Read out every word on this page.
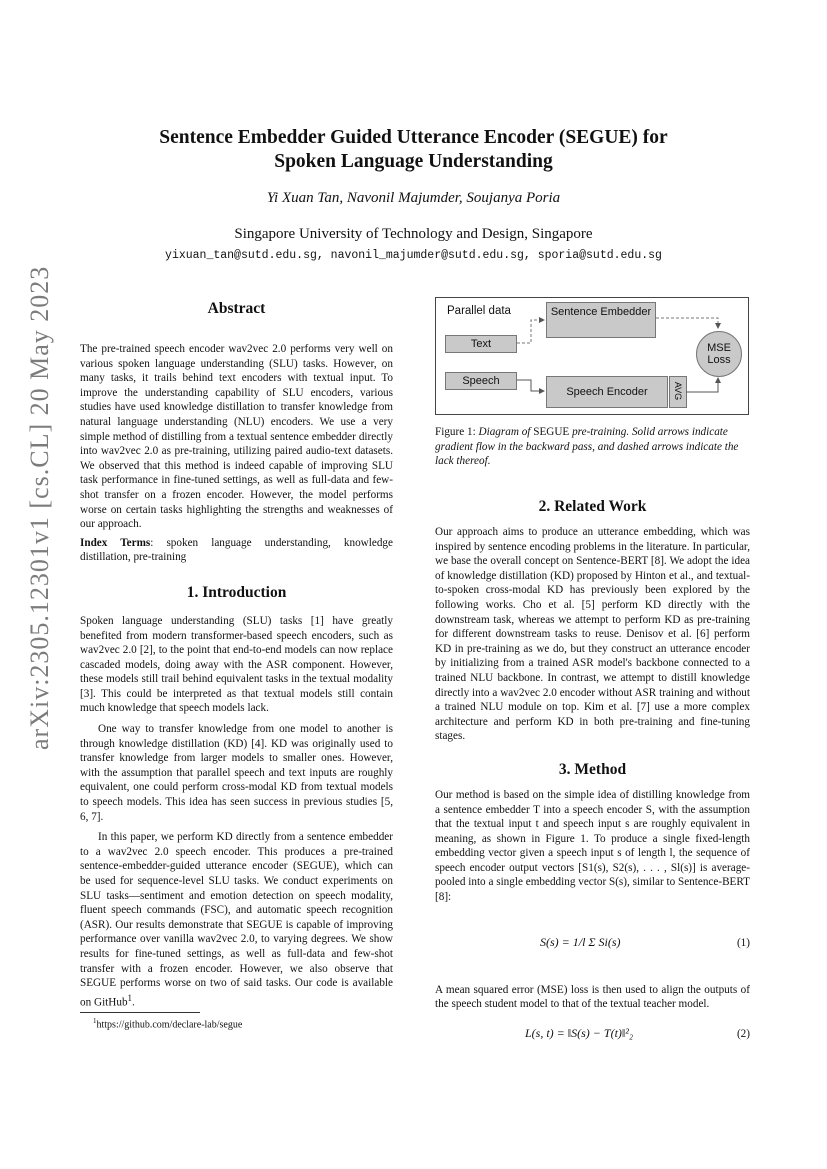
arXiv:2305.12301v1 [cs.CL] 20 May 2023
Sentence Embedder Guided Utterance Encoder (SEGUE) for
Spoken Language Understanding
Yi Xuan Tan, Navonil Majumder, Soujanya Poria
Singapore University of Technology and Design, Singapore
yixuan_tan@sutd.edu.sg, navonil_majumder@sutd.edu.sg, sporia@sutd.edu.sg
Abstract

The pre-trained speech encoder wav2vec 2.0 performs very well on various spoken language understanding (SLU) tasks. However, on many tasks, it trails behind text encoders with textual input. To improve the understanding capability of SLU encoders, various studies have used knowledge distillation to transfer knowledge from natural language understanding (NLU) encoders. We use a very simple method of distilling from a textual sentence embedder directly into wav2vec 2.0 as pre-training, utilizing paired audio-text datasets. We observed that this method is indeed capable of improving SLU task performance in fine-tuned settings, as well as full-data and few-shot transfer on a frozen encoder. However, the model performs worse on certain tasks highlighting the strengths and weaknesses of our approach.

Index Terms: spoken language understanding, knowledge distillation, pre-training

1. Introduction

Spoken language understanding (SLU) tasks [1] have greatly benefited from modern transformer-based speech encoders, such as wav2vec 2.0 [2], to the point that end-to-end models can now replace cascaded models, doing away with the ASR component. However, these models still trail behind equivalent tasks in the textual modality [3]. This could be interpreted as that textual models still contain much knowledge that speech models lack.

One way to transfer knowledge from one model to another is through knowledge distillation (KD) [4]. KD was originally used to transfer knowledge from larger models to smaller ones. However, with the assumption that parallel speech and text inputs are roughly equivalent, one could perform cross-modal KD from textual models to speech models. This idea has seen success in previous studies [5, 6, 7].

In this paper, we perform KD directly from a sentence embedder to a wav2vec 2.0 speech encoder. This produces a pre-trained sentence-embedder-guided utterance encoder (SEGUE), which can be used for sequence-level SLU tasks. We conduct experiments on SLU tasks—sentiment and emotion detection on speech modality, fluent speech commands (FSC), and automatic speech recognition (ASR). Our results demonstrate that SEGUE is capable of improving performance over vanilla wav2vec 2.0, to varying degrees. We show results for fine-tuned settings, as well as full-data and few-shot transfer with a frozen encoder. However, we also observe that SEGUE performs worse on two of said tasks. Our code is available on GitHub$^1$.

$^1$https://github.com/declare-lab/segue
Parallel data
Text
Speech
Sentence Embedder
Speech Encoder	AVG
MSE Loss
Figure 1: Diagram of SEGUE pre-training. Solid arrows indicate gradient flow in the backward pass, and dashed arrows indicate the lack thereof.
2. Related Work

Our approach aims to produce an utterance embedding, which was inspired by sentence encoding problems in the literature. In particular, we base the overall concept on Sentence-BERT [8]. We adopt the idea of knowledge distillation (KD) proposed by Hinton et al., and textual-to-spoken cross-modal KD has previously been explored by the following works. Cho et al. [5] perform KD directly with the downstream task, whereas we attempt to perform KD as pre-training for different downstream tasks to reuse. Denisov et al. [6] perform KD in pre-training as we do, but they construct an utterance encoder by initializing from a trained ASR model's backbone connected to a trained NLU backbone. In contrast, we attempt to distill knowledge directly into a wav2vec 2.0 encoder without ASR training and without a trained NLU module on top. Kim et al. [7] use a more complex architecture and perform KD in both pre-training and fine-tuning stages.

3. Method

Our method is based on the simple idea of distilling knowledge from a sentence embedder T into a speech encoder S, with the assumption that the textual input t and speech input s are roughly equivalent in meaning, as shown in Figure 1. To produce a single fixed-length embedding vector given a speech input s of length l, the sequence of speech encoder output vectors [S1(s), S2(s), . . . , Sl(s)] is average-pooled into a single embedding vector S(s), similar to Sentence-BERT [8]:

S(s) = 1/l Σ Si(s)	(1)

A mean squared error (MSE) loss is then used to align the outputs of the speech student model to that of the textual teacher model.

L(s, t) = ‖S(s) − T(t)‖²₂	(2)
